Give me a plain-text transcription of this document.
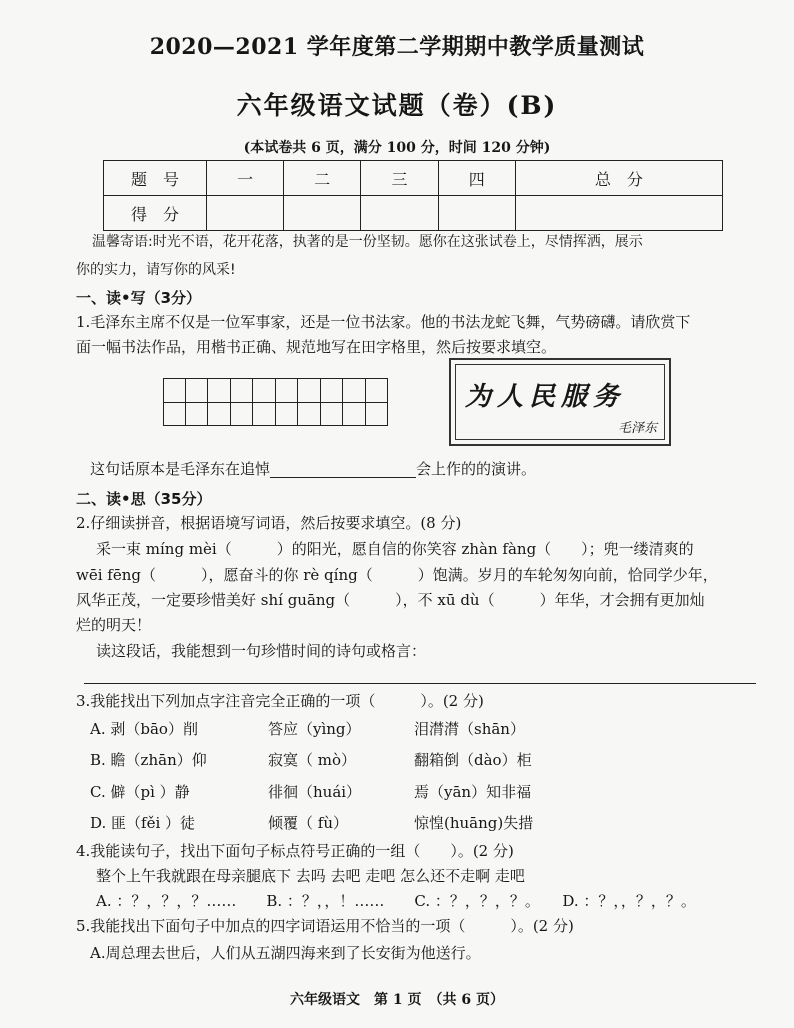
2020—2021 学年度第二学期期中教学质量测试
六年级语文试题（卷）(B)
(本试卷共 6 页，满分 100 分，时间 120 分钟)
题　号	一	二	三	四	总　分
得　分					
温馨寄语:时光不语，花开花落，执著的是一份坚韧。愿你在这张试卷上，尽情挥洒，展示
你的实力，请写你的风采!
一、读•写（3分）
1.毛泽东主席不仅是一位军事家，还是一位书法家。他的书法龙蛇飞舞，气势磅礴。请欣赏下
面一幅书法作品，用楷书正确、规范地写在田字格里，然后按要求填空。
为人民服务
毛泽东
这句话原本是毛泽东在追悼	会上作的的演讲。
二、读•思（35分）
2.仔细读拼音，根据语境写词语，然后按要求填空。(8 分)
采一束 míng mèi（　　　）的阳光，愿自信的你笑容 zhàn fàng（　　）；兜一缕清爽的
wēi fēng（　　　），愿奋斗的你 rè qíng（　　　）饱满。岁月的车轮匆匆向前，恰同学少年，
风华正茂，一定要珍惜美好 shí guāng（　　　），不 xū dù（　　　）年华，才会拥有更加灿
烂的明天！
读这段话，我能想到一句珍惜时间的诗句或格言：
3.我能找出下列加点字注音完全正确的一项（　　　）。(2 分)
A. 剥（bāo）削	答应（yìng）	泪潸潸（shān）
B. 瞻（zhān）仰	寂寞（ mò）	翻箱倒（dào）柜
C. 僻（pì ）静	徘徊（huái）	焉（yān）知非福
D. 匪（fěi ）徒	倾覆（ fù）	惊惶(huāng)失措
4.我能读句子，找出下面句子标点符号正确的一组（　　）。(2 分)
整个上午我就跟在母亲腿底下 去吗 去吧 走吧 怎么还不走啊 走吧
A. ：？，？，？……　　B. ：？，，！……　　C. ：？，？，？。　　D. ：？，，？，？。
5.我能找出下面句子中加点的四字词语运用不恰当的一项（　　　）。(2 分)
A.周总理去世后，人们从五湖四海来到了长安街为他送行。
六年级语文　第 1 页　（共 6 页）
